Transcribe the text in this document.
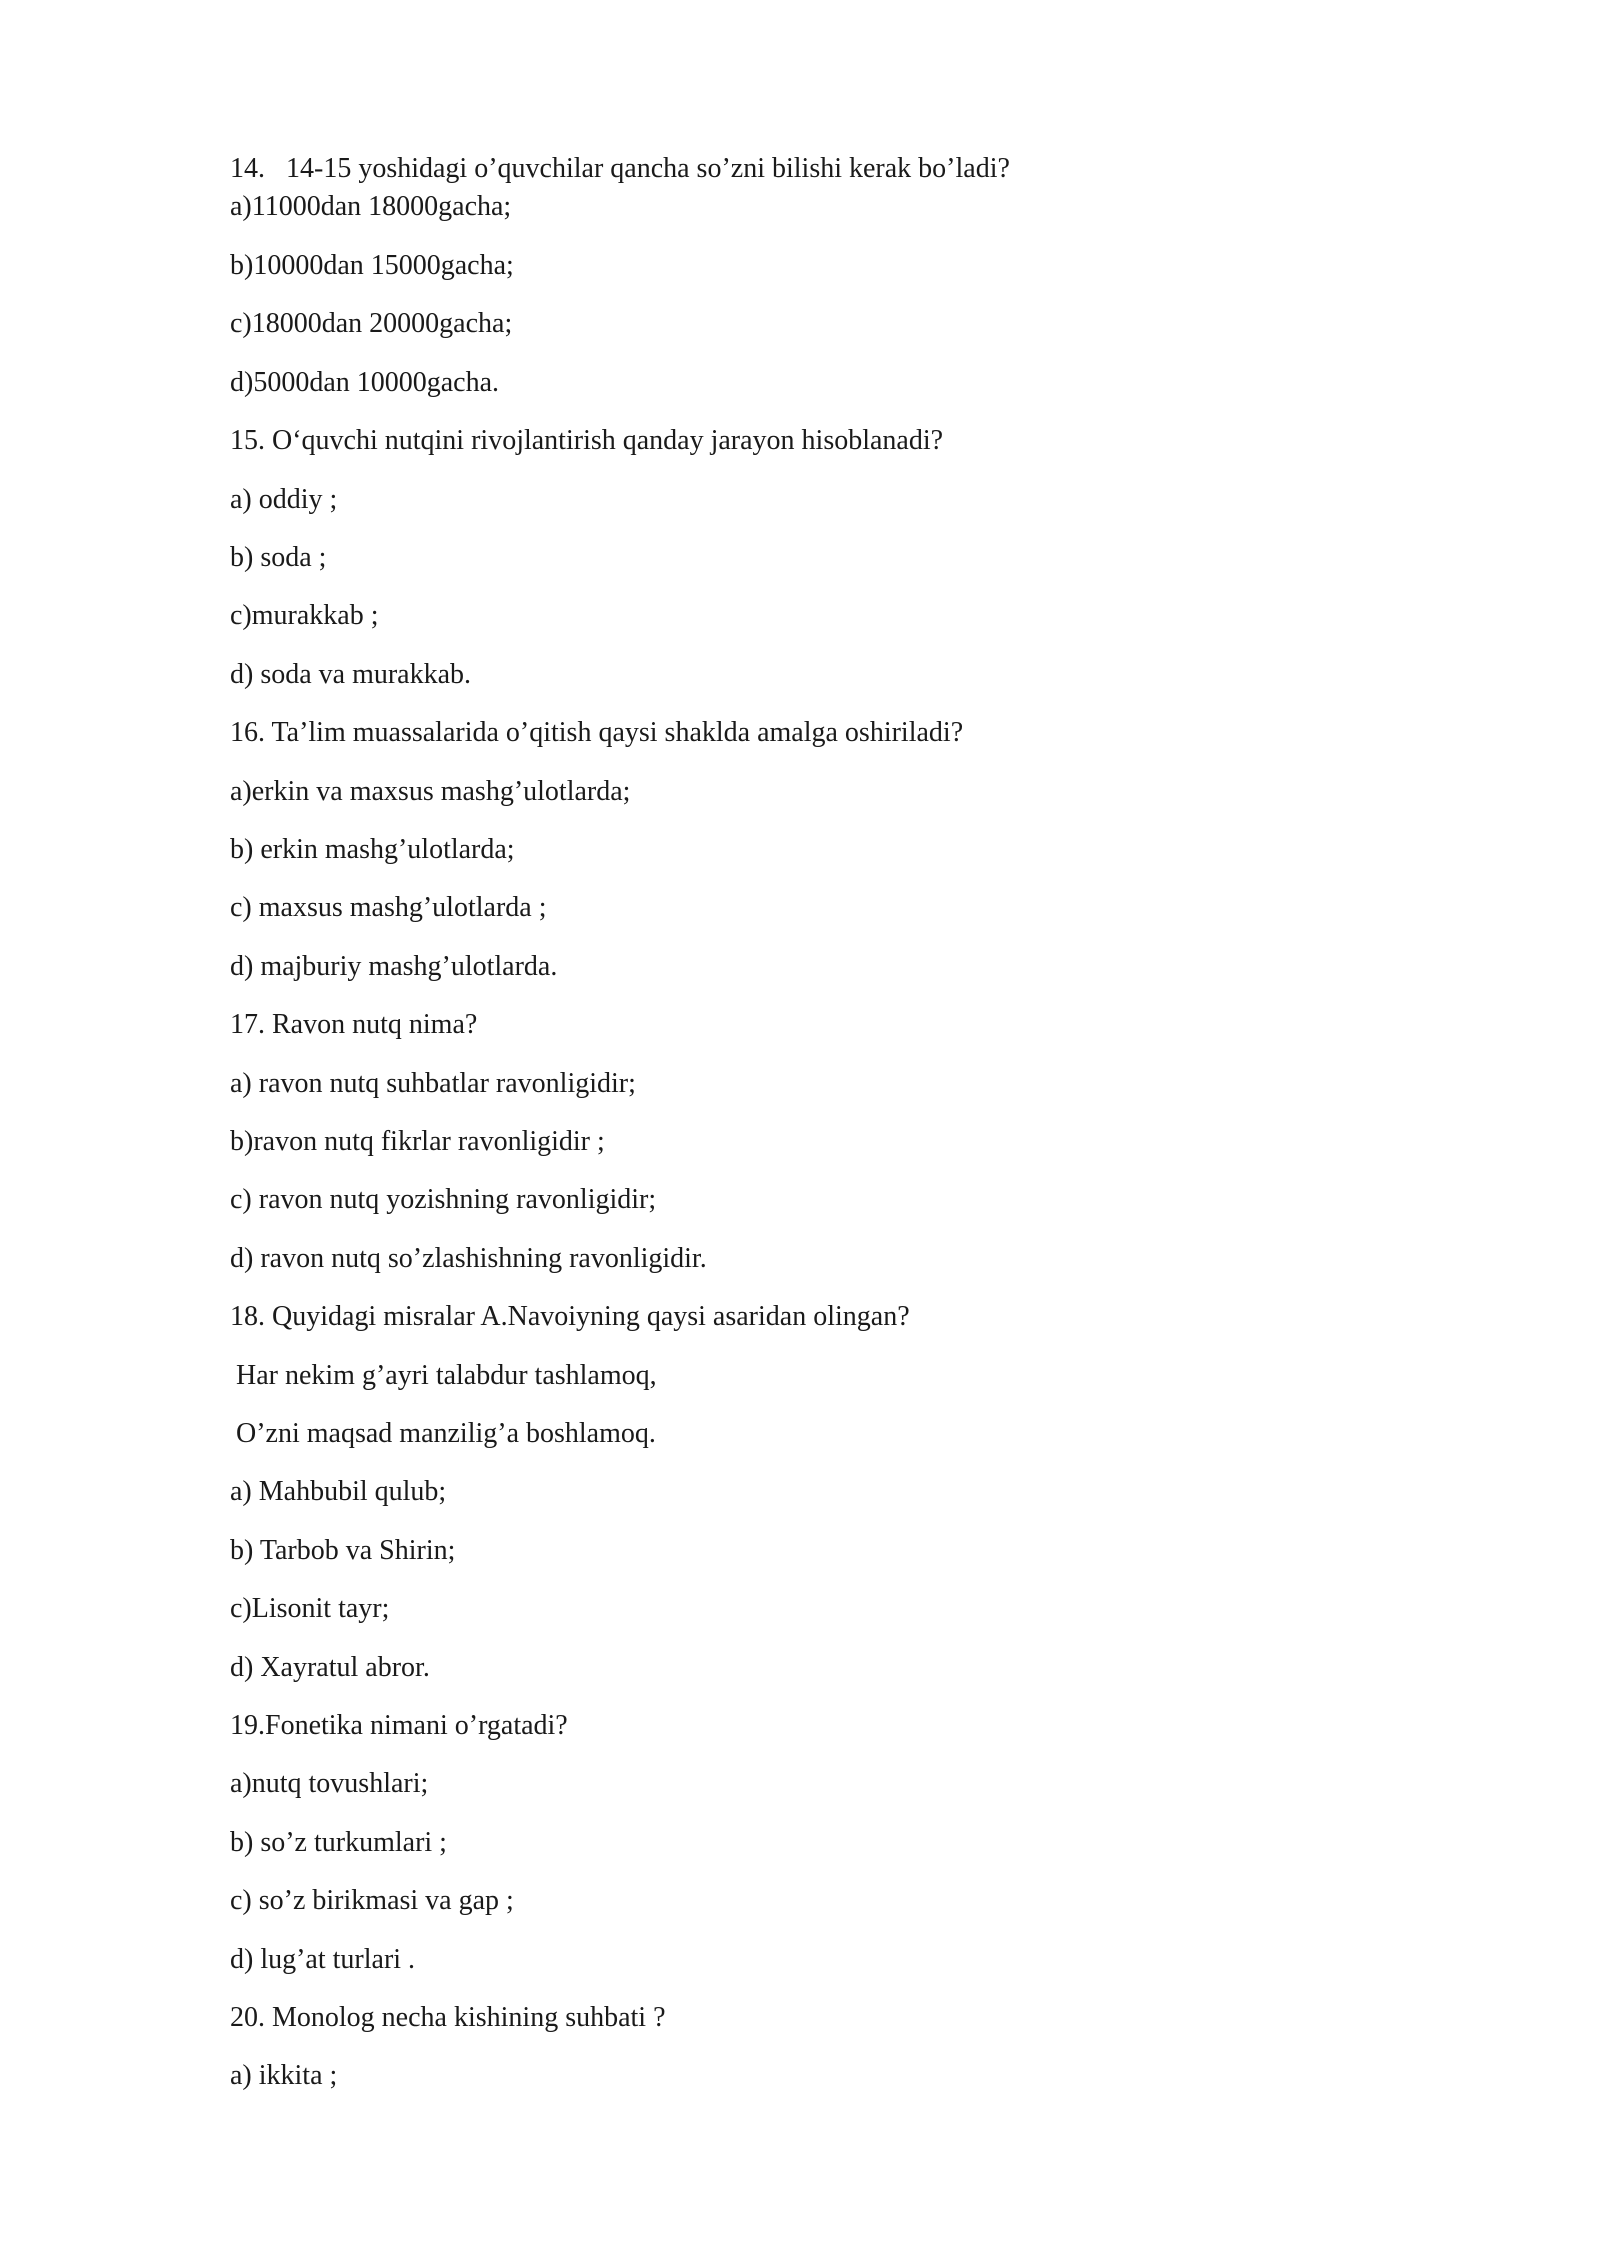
14.   14-15 yoshidagi o’quvchilar qancha so’zni bilishi kerak bo’ladi?
a)11000dan 18000gacha;
b)10000dan 15000gacha;
c)18000dan 20000gacha;
d)5000dan 10000gacha.
15. O‘quvchi nutqini rivojlantirish qanday jarayon hisoblanadi?
a) oddiy ;
b) soda ;
c)murakkab ;
d) soda va murakkab.
16. Ta’lim muassalarida o’qitish qaysi shaklda amalga oshiriladi?
a)erkin va maxsus mashg’ulotlarda;
b) erkin mashg’ulotlarda;
c) maxsus mashg’ulotlarda ;
d) majburiy mashg’ulotlarda.
17. Ravon nutq nima?
a) ravon nutq suhbatlar ravonligidir;
b)ravon nutq fikrlar ravonligidir ;
c) ravon nutq yozishning ravonligidir;
d) ravon nutq so’zlashishning ravonligidir.
18. Quyidagi misralar A.Navoiyning qaysi asaridan olingan?
Har nekim g’ayri talabdur tashlamoq,
O’zni maqsad manzilig’a boshlamoq.
a) Mahbubil qulub;
b) Tarbob va Shirin;
c)Lisonit tayr;
d) Xayratul abror.
19.Fonetika nimani o’rgatadi?
a)nutq tovushlari;
b) so’z turkumlari ;
c) so’z birikmasi va gap ;
d) lug’at turlari .
20. Monolog necha kishining suhbati ?
a) ikkita ;
